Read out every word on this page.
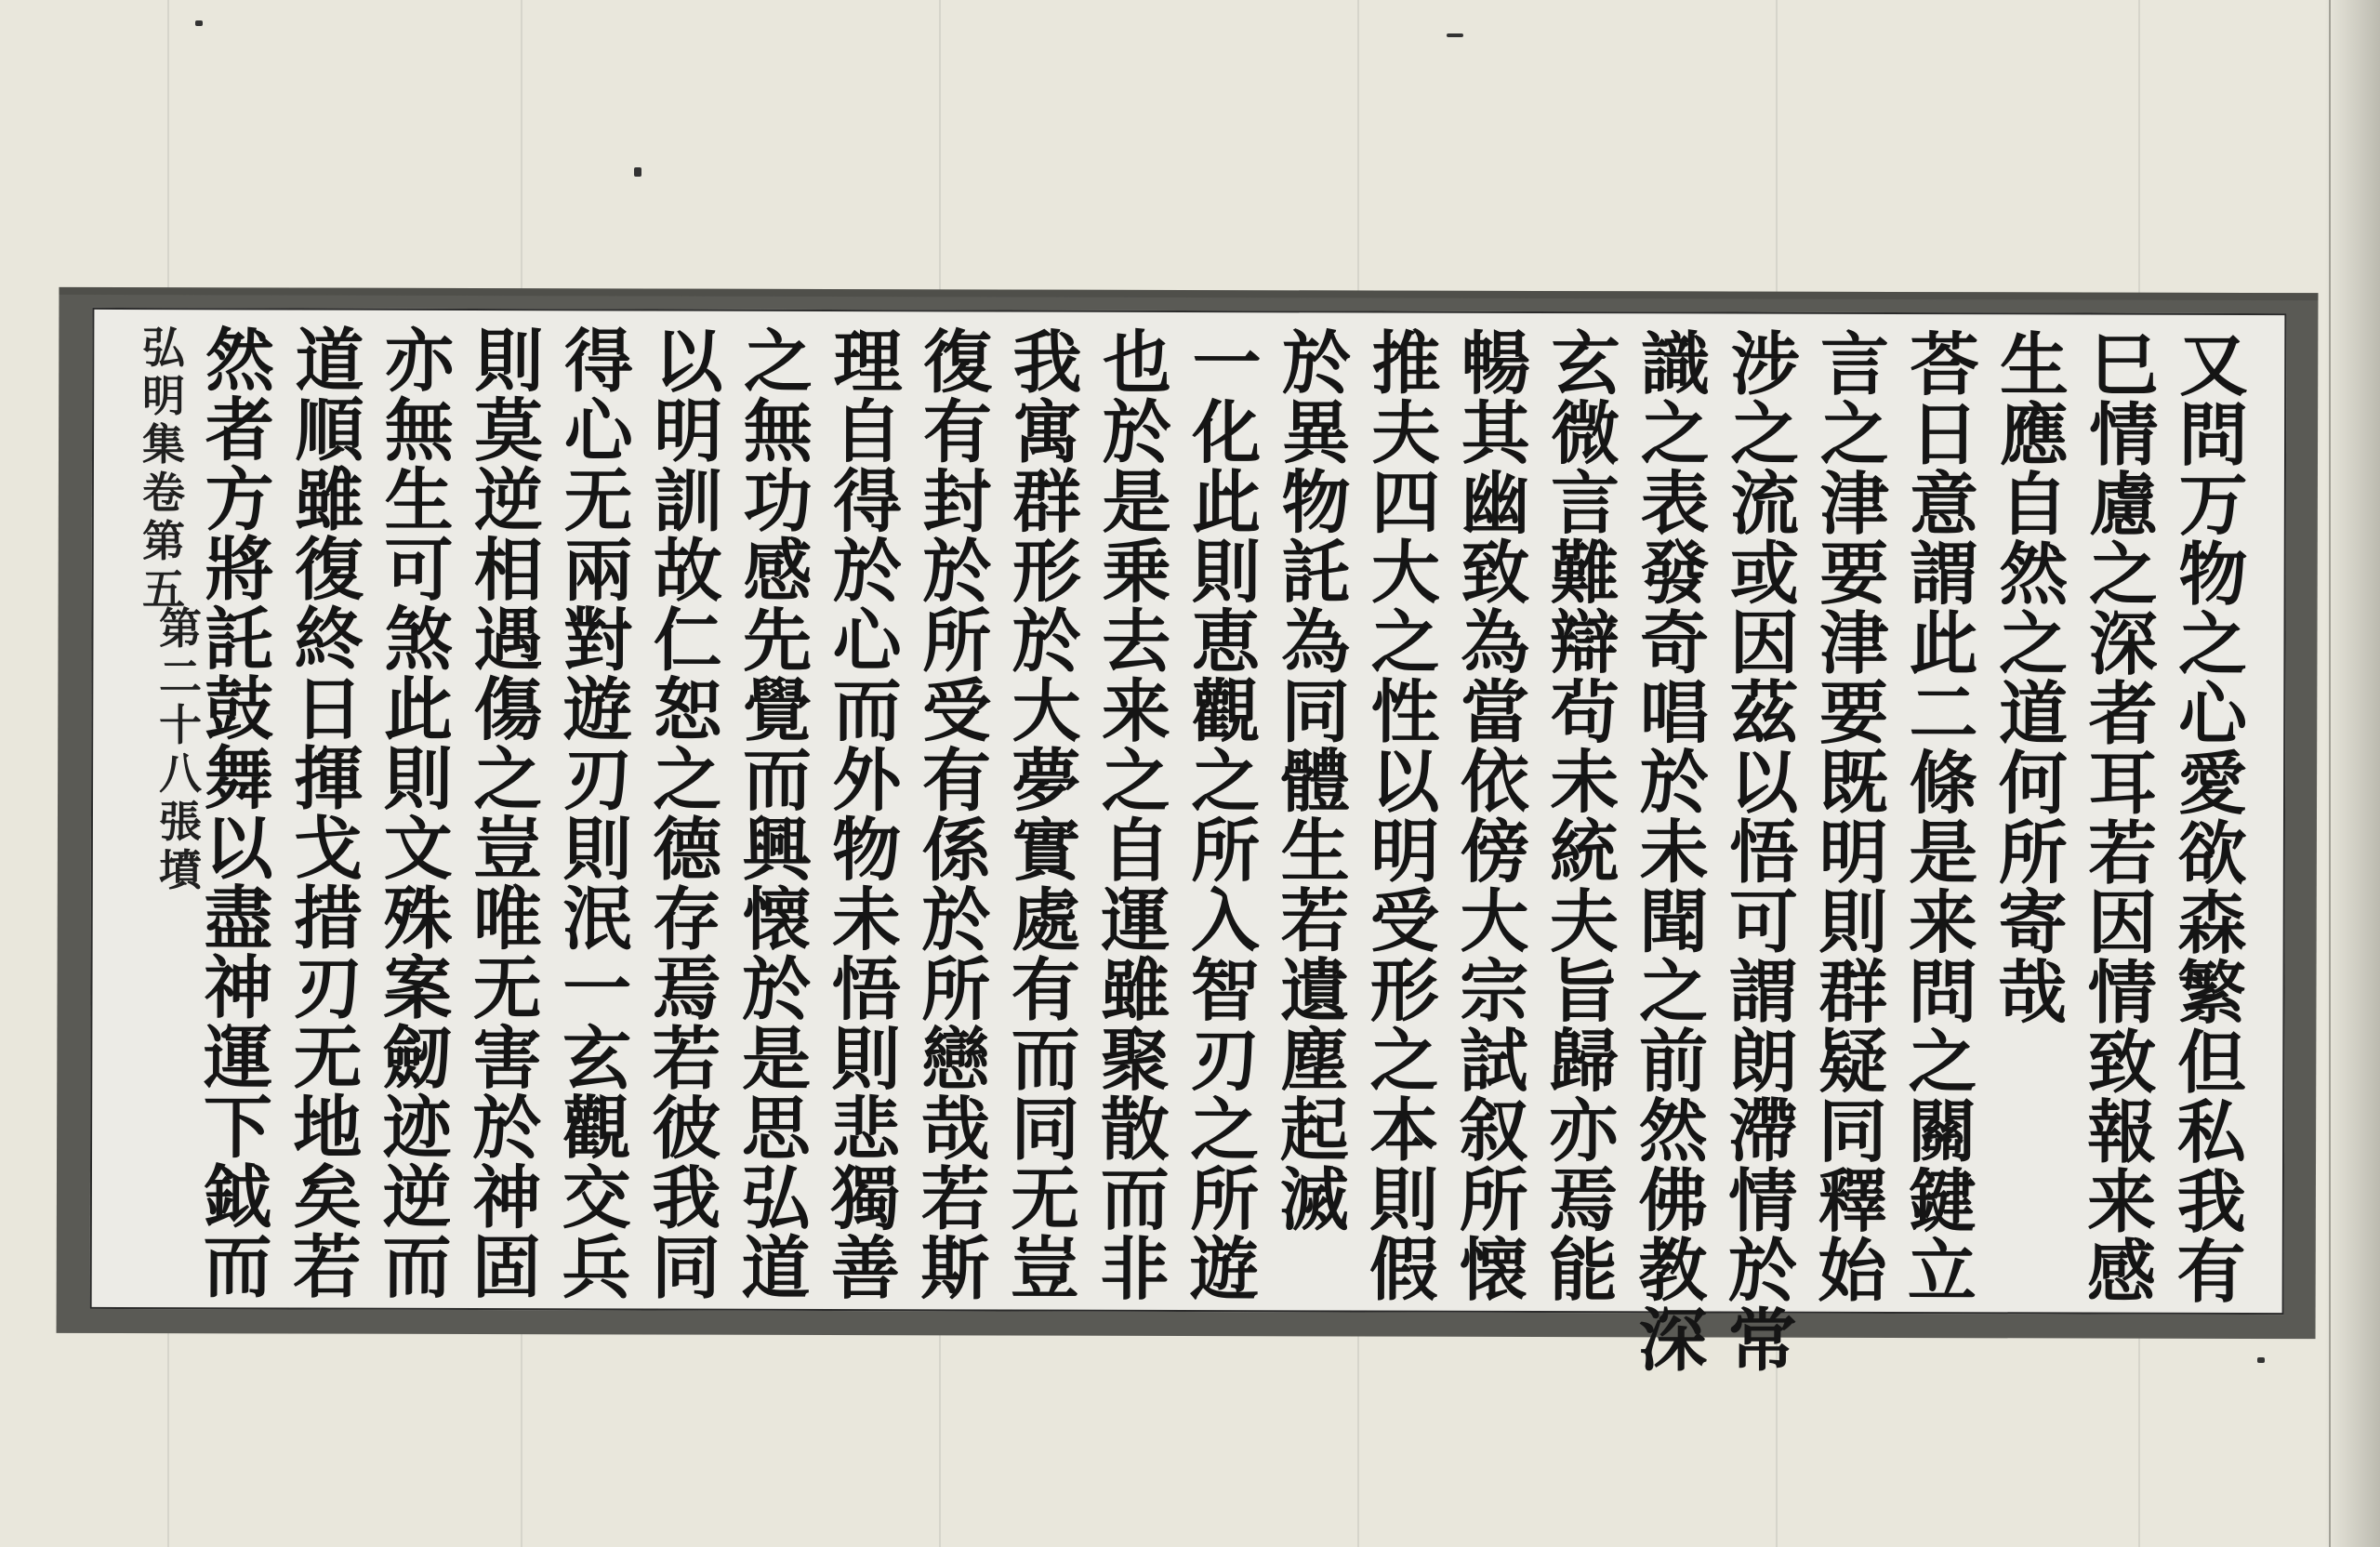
又問万物之心愛欲森繁但私我有
巳情慮之深者耳若因情致報来感
生應自然之道何所寄哉
荅日意謂此二條是来問之關鍵立
言之津要津要既明則群疑同釋始
涉之流或因茲以悟可謂朗滯情於常
識之表發奇唱於未聞之前然佛教深
玄微言難辯茍未統夫旨歸亦焉能
暢其幽致為當依傍大宗試叙所懐
推夫四大之性以明受形之本則假
於異物託為同體生若遺塵起滅
一化此則恵觀之所入智刃之所遊
也於是乗去来之自運雖聚散而非
我寓群形於大夢實處有而同无豈
復有封於所受有係於所戀哉若斯
理自得於心而外物未悟則悲獨善
之無功感先覺而興懐於是思弘道
以明訓故仁恕之德存焉若彼我同
得心无兩對遊刃則泯一玄觀交兵
則莫逆相遇傷之豈唯无害於神固
亦無生可煞此則文殊案劒迹逆而
道順雖復終日揮戈措刃无地矣若
然者方將託鼓舞以盡神運下鉞而
弘明集卷第五
第二十八張 墳
